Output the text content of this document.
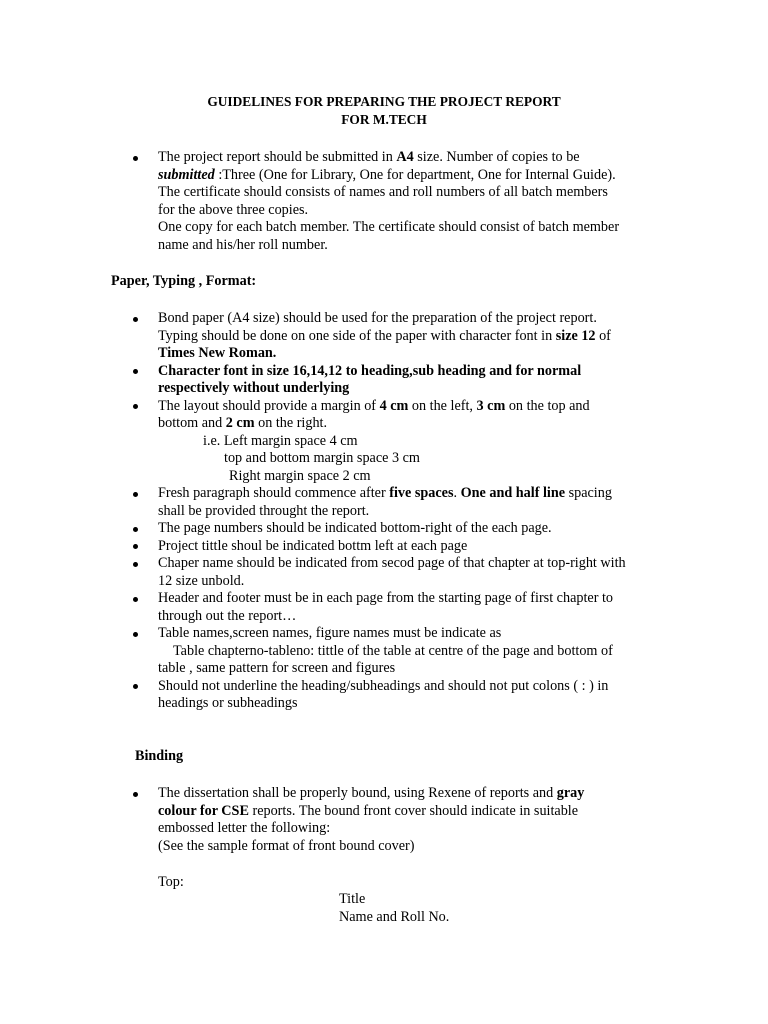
GUIDELINES FOR PREPARING THE PROJECT REPORT
FOR M.TECH
The project report should be submitted in A4 size. Number of copies to be
submitted :Three (One for Library, One for department, One for Internal Guide).
The certificate should consists of names and roll numbers of all batch members
for the above three copies.
One copy for each batch member. The certificate should consist of batch member
name and his/her roll number.
Paper, Typing , Format:
Bond paper (A4 size) should be used for the preparation of the project report.
Typing should be done on one side of the paper with character font in size 12 of
Times New Roman.
Character font in size 16,14,12 to heading,sub heading and for normal
respectively without underlying
The layout should provide a margin of 4 cm on the left, 3 cm on the top and
bottom and 2 cm on the right.
i.e. Left margin space 4 cm
top and bottom margin space 3 cm
Right margin space 2 cm
Fresh paragraph should commence after five spaces. One and half line spacing
shall be provided throught the report.
The page numbers should be indicated bottom-right of the each page.
Project tittle shoul be indicated bottm left at each page
Chaper name should be indicated from secod page of that chapter at top-right with
12 size unbold.
Header and footer must be in each page from the starting page of first chapter to
through out the report…
Table names,screen names, figure names must be indicate as
Table chapterno-tableno: tittle of the table at centre of the page and bottom of
table , same pattern for screen and figures
Should not underline the heading/subheadings and should not put colons ( : ) in
headings or subheadings
Binding
The dissertation shall be properly bound, using Rexene of reports and gray
colour for CSE reports. The bound front cover should indicate in suitable
embossed letter the following:
(See the sample format of front bound cover)
Top:
Title
Name and Roll No.
